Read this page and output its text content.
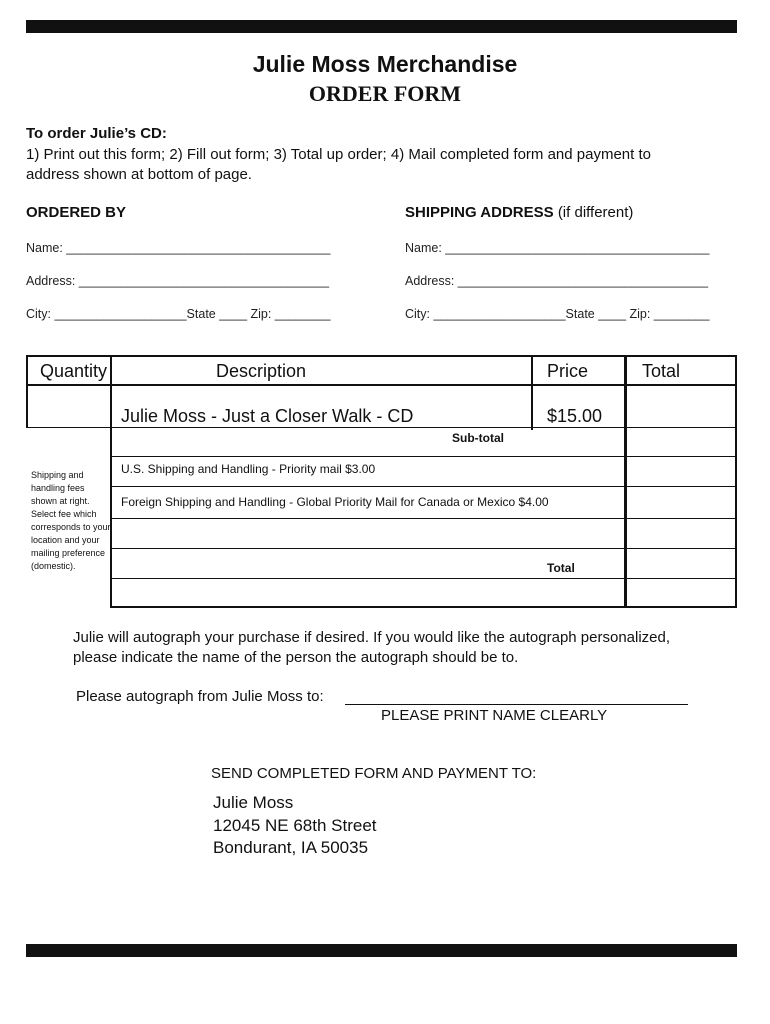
Julie Moss Merchandise
ORDER FORM
To order Julie’s CD:
1) Print out this form; 2) Fill out form; 3) Total up order; 4) Mail completed form and payment to
address shown at bottom of page.
ORDERED BY	SHIPPING ADDRESS (if different)
Name: ______________________________________
Address: ____________________________________
City: ___________________State ____ Zip: ________
Name: ______________________________________
Address: ____________________________________
City: ___________________State ____ Zip: ________
Quantity	Description	Price	Total
Julie Moss - Just a Closer Walk - CD	$15.00
Sub-total
Shipping and handling fees shown at right. Select fee which corresponds to your location and your mailing preference (domestic).
U.S. Shipping and Handling - Priority mail $3.00
Foreign Shipping and Handling - Global Priority Mail for Canada or Mexico $4.00
Total
Julie will autograph your purchase if desired. If you would like the autograph personalized,
please indicate the name of the person the autograph should be to.
Please autograph from Julie Moss to:
PLEASE PRINT NAME CLEARLY
SEND COMPLETED FORM AND PAYMENT TO:
Julie Moss
12045 NE 68th Street
Bondurant, IA 50035
